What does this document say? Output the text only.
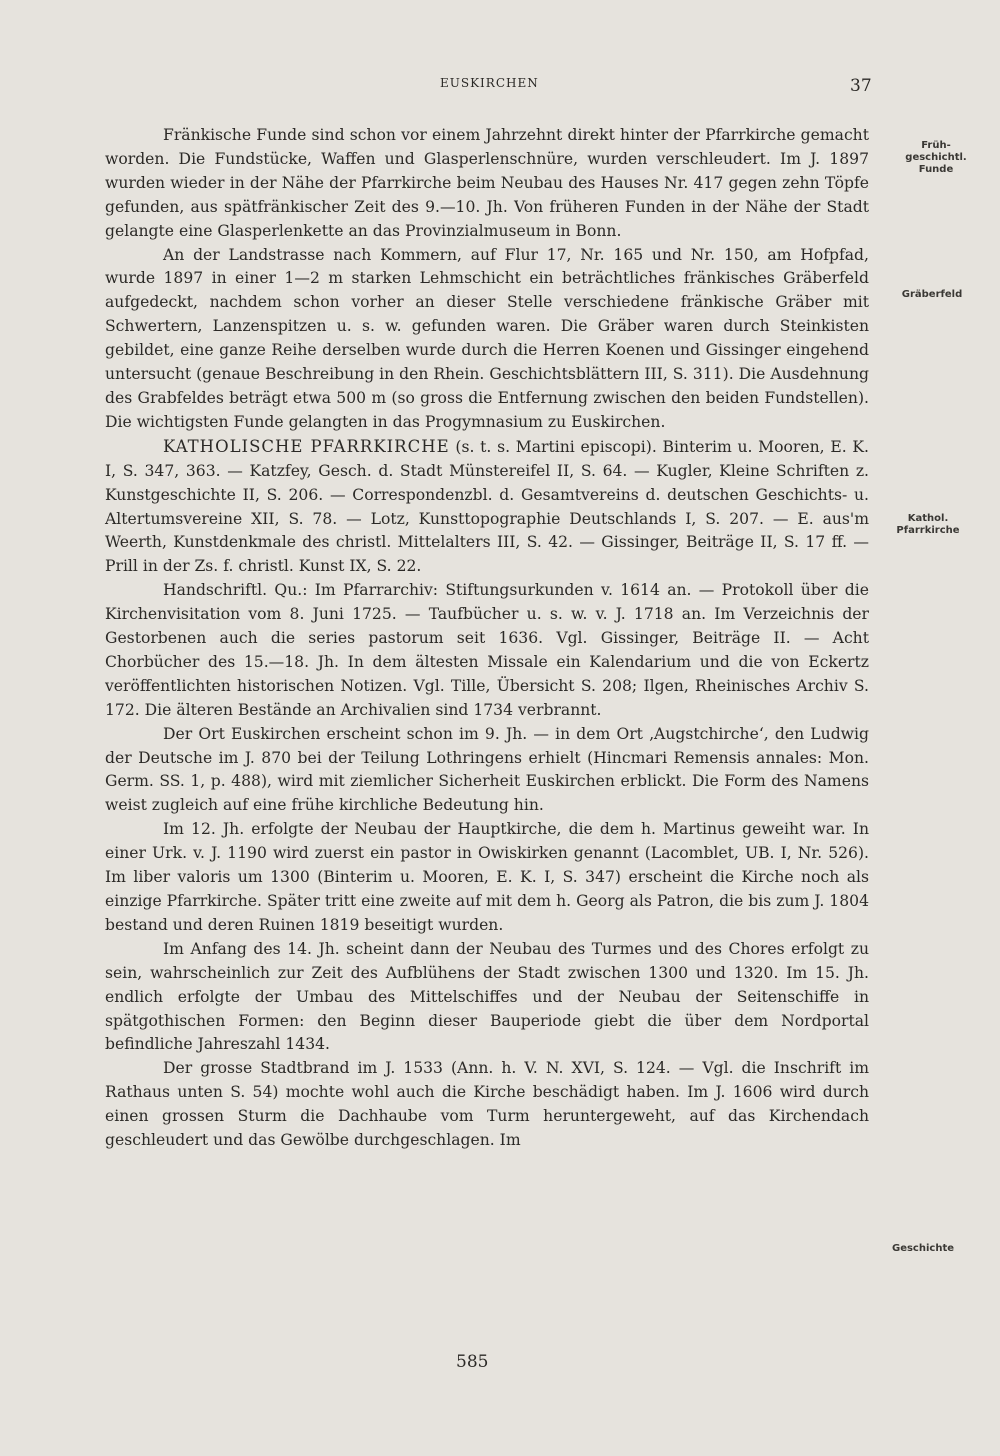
EUSKIRCHEN	37
Früh-
geschichtl.
Funde
Gräberfeld
Kathol.
Pfarrkirche
Geschichte

Fränkische Funde sind schon vor einem Jahrzehnt direkt hinter der Pfarrkirche gemacht worden. Die Fundstücke, Waffen und Glasperlenschnüre, wurden verschleudert. Im J. 1897 wurden wieder in der Nähe der Pfarrkirche beim Neubau des Hauses Nr. 417 gegen zehn Töpfe gefunden, aus spätfränkischer Zeit des 9.—10. Jh. Von früheren Funden in der Nähe der Stadt gelangte eine Glasperlenkette an das Provinzialmuseum in Bonn.

An der Landstrasse nach Kommern, auf Flur 17, Nr. 165 und Nr. 150, am Hofpfad, wurde 1897 in einer 1—2 m starken Lehmschicht ein beträchtliches fränkisches Gräberfeld aufgedeckt, nachdem schon vorher an dieser Stelle verschiedene fränkische Gräber mit Schwertern, Lanzenspitzen u. s. w. gefunden waren. Die Gräber waren durch Steinkisten gebildet, eine ganze Reihe derselben wurde durch die Herren Koenen und Gissinger eingehend untersucht (genaue Beschreibung in den Rhein. Geschichtsblättern III, S. 311). Die Ausdehnung des Grabfeldes beträgt etwa 500 m (so gross die Entfernung zwischen den beiden Fundstellen). Die wichtigsten Funde gelangten in das Progymnasium zu Euskirchen.

KATHOLISCHE PFARRKIRCHE (s. t. s. Martini episcopi). Binterim u. Mooren, E. K. I, S. 347, 363. — Katzfey, Gesch. d. Stadt Münstereifel II, S. 64. — Kugler, Kleine Schriften z. Kunstgeschichte II, S. 206. — Correspondenzbl. d. Gesamtvereins d. deutschen Geschichts- u. Altertumsvereine XII, S. 78. — Lotz, Kunsttopographie Deutschlands I, S. 207. — E. aus'm Weerth, Kunstdenkmale des christl. Mittelalters III, S. 42. — Gissinger, Beiträge II, S. 17 ff. — Prill in der Zs. f. christl. Kunst IX, S. 22.

Handschriftl. Qu.: Im Pfarrarchiv: Stiftungsurkunden v. 1614 an. — Protokoll über die Kirchenvisitation vom 8. Juni 1725. — Taufbücher u. s. w. v. J. 1718 an. Im Verzeichnis der Gestorbenen auch die series pastorum seit 1636. Vgl. Gissinger, Beiträge II. — Acht Chorbücher des 15.—18. Jh. In dem ältesten Missale ein Kalendarium und die von Eckertz veröffentlichten historischen Notizen. Vgl. Tille, Übersicht S. 208; Ilgen, Rheinisches Archiv S. 172. Die älteren Bestände an Archivalien sind 1734 verbrannt.

Der Ort Euskirchen erscheint schon im 9. Jh. — in dem Ort ‚Augstchirche‘, den Ludwig der Deutsche im J. 870 bei der Teilung Lothringens erhielt (Hincmari Remensis annales: Mon. Germ. SS. 1, p. 488), wird mit ziemlicher Sicherheit Euskirchen erblickt. Die Form des Namens weist zugleich auf eine frühe kirchliche Bedeutung hin.

Im 12. Jh. erfolgte der Neubau der Hauptkirche, die dem h. Martinus geweiht war. In einer Urk. v. J. 1190 wird zuerst ein pastor in Owiskirken genannt (Lacomblet, UB. I, Nr. 526). Im liber valoris um 1300 (Binterim u. Mooren, E. K. I, S. 347) erscheint die Kirche noch als einzige Pfarrkirche. Später tritt eine zweite auf mit dem h. Georg als Patron, die bis zum J. 1804 bestand und deren Ruinen 1819 beseitigt wurden.

Im Anfang des 14. Jh. scheint dann der Neubau des Turmes und des Chores erfolgt zu sein, wahrscheinlich zur Zeit des Aufblühens der Stadt zwischen 1300 und 1320. Im 15. Jh. endlich erfolgte der Umbau des Mittelschiffes und der Neubau der Seitenschiffe in spätgothischen Formen: den Beginn dieser Bauperiode giebt die über dem Nordportal befindliche Jahreszahl 1434.

Der grosse Stadtbrand im J. 1533 (Ann. h. V. N. XVI, S. 124. — Vgl. die Inschrift im Rathaus unten S. 54) mochte wohl auch die Kirche beschädigt haben. Im J. 1606 wird durch einen grossen Sturm die Dachhaube vom Turm heruntergeweht, auf das Kirchendach geschleudert und das Gewölbe durchgeschlagen. Im

585
